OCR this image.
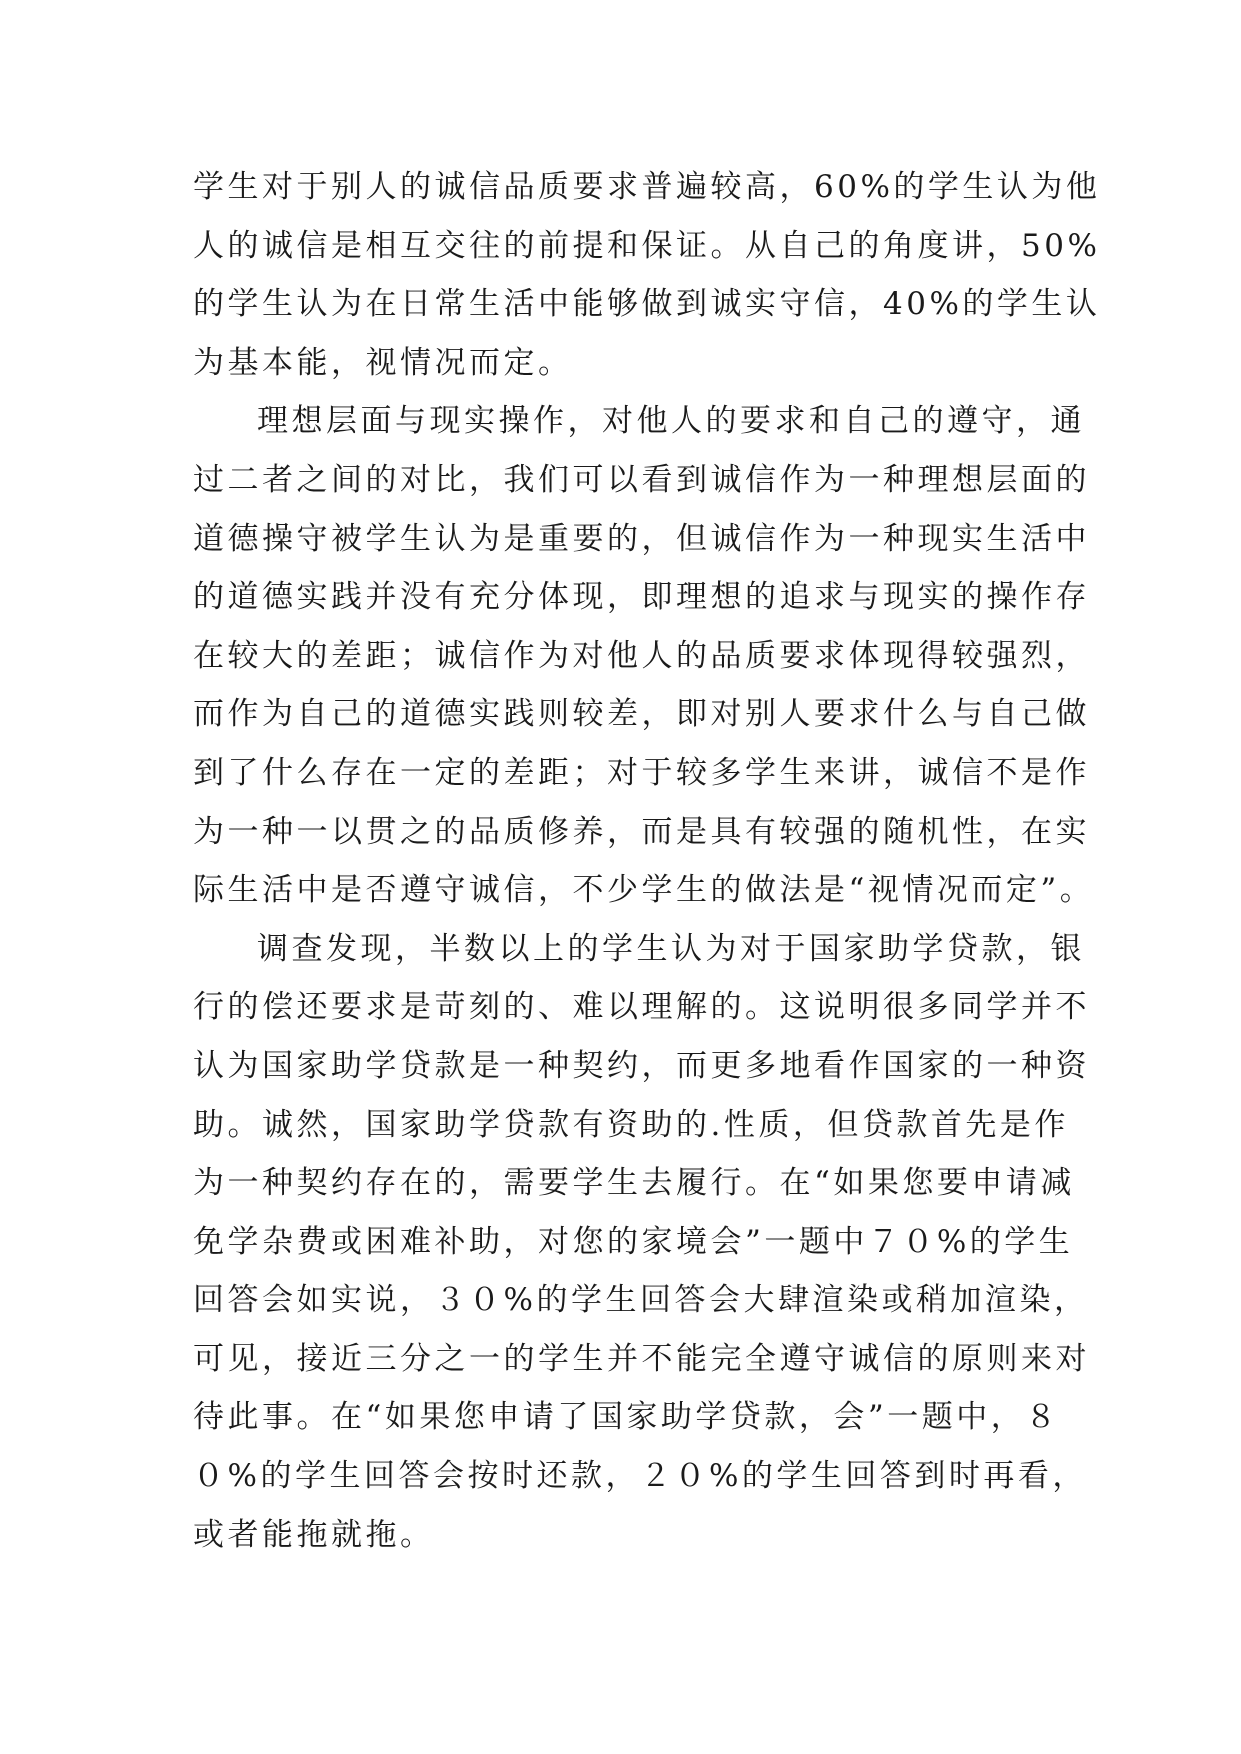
学生对于别人的诚信品质要求普遍较高，60%的学生认为他
人的诚信是相互交往的前提和保证。从自己的角度讲，50%
的学生认为在日常生活中能够做到诚实守信，40%的学生认
为基本能，视情况而定。
理想层面与现实操作，对他人的要求和自己的遵守，通
过二者之间的对比，我们可以看到诚信作为一种理想层面的
道德操守被学生认为是重要的，但诚信作为一种现实生活中
的道德实践并没有充分体现，即理想的追求与现实的操作存
在较大的差距；诚信作为对他人的品质要求体现得较强烈，
而作为自己的道德实践则较差，即对别人要求什么与自己做
到了什么存在一定的差距；对于较多学生来讲，诚信不是作
为一种一以贯之的品质修养，而是具有较强的随机性，在实
际生活中是否遵守诚信，不少学生的做法是“视情况而定”。
调查发现，半数以上的学生认为对于国家助学贷款，银
行的偿还要求是苛刻的、难以理解的。这说明很多同学并不
认为国家助学贷款是一种契约，而更多地看作国家的一种资
助。诚然，国家助学贷款有资助的.性质，但贷款首先是作
为一种契约存在的，需要学生去履行。在“如果您要申请减
免学杂费或困难补助，对您的家境会”一题中７０%的学生
回答会如实说，３０%的学生回答会大肆渲染或稍加渲染，
可见，接近三分之一的学生并不能完全遵守诚信的原则来对
待此事。在“如果您申请了国家助学贷款，会”一题中，８
０%的学生回答会按时还款，２０%的学生回答到时再看，
或者能拖就拖。
